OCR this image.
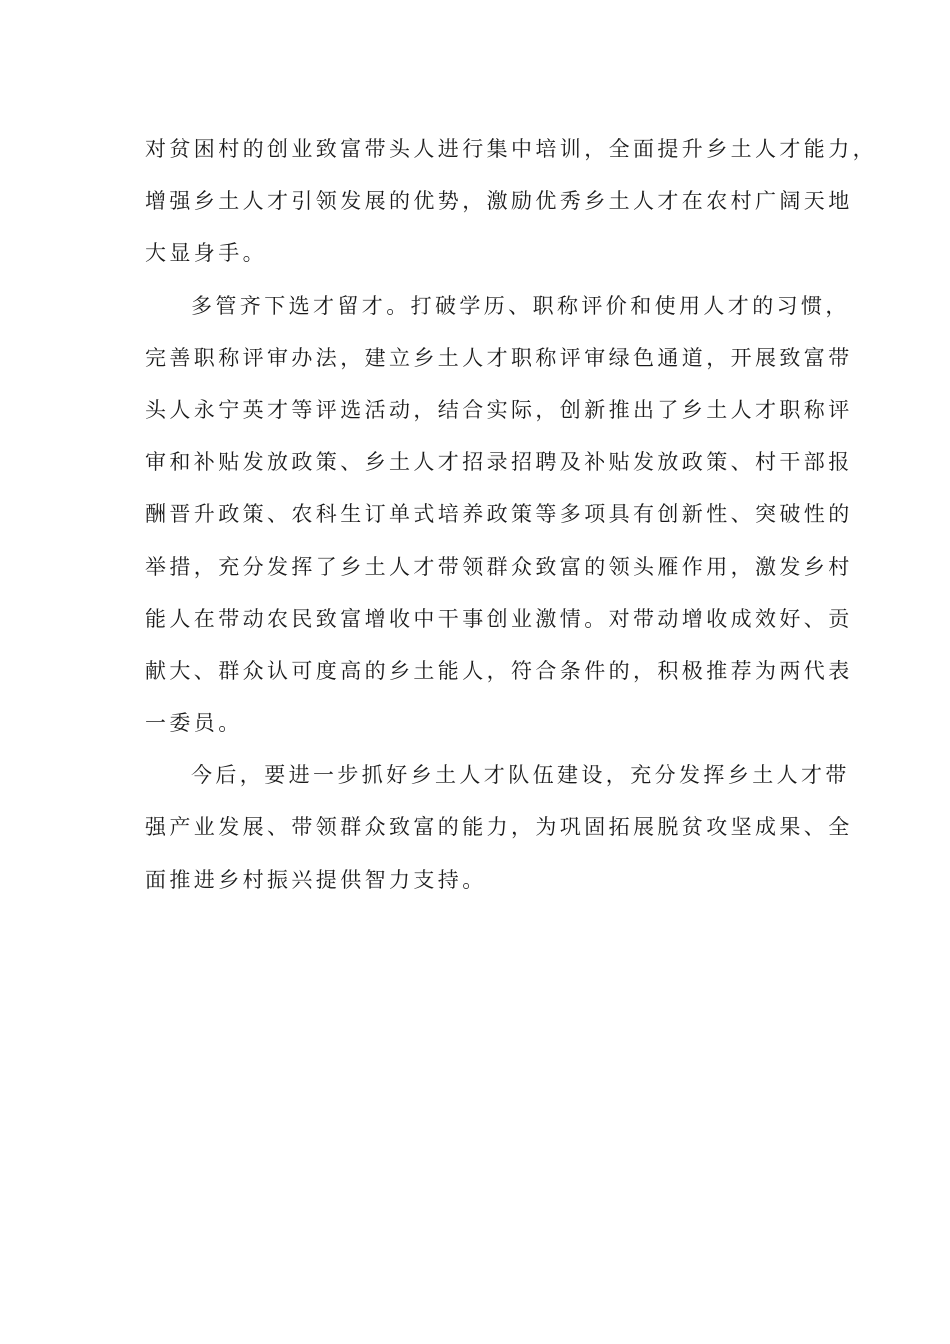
对贫困村的创业致富带头人进行集中培训，全面提升乡土人才能力，
增强乡土人才引领发展的优势，激励优秀乡土人才在农村广阔天地
大显身手。
多管齐下选才留才。打破学历、职称评价和使用人才的习惯，
完善职称评审办法，建立乡土人才职称评审绿色通道，开展致富带
头人永宁英才等评选活动，结合实际，创新推出了乡土人才职称评
审和补贴发放政策、乡土人才招录招聘及补贴发放政策、村干部报
酬晋升政策、农科生订单式培养政策等多项具有创新性、突破性的
举措，充分发挥了乡土人才带领群众致富的领头雁作用，激发乡村
能人在带动农民致富增收中干事创业激情。对带动增收成效好、贡
献大、群众认可度高的乡土能人，符合条件的，积极推荐为两代表
一委员。
今后，要进一步抓好乡土人才队伍建设，充分发挥乡土人才带
强产业发展、带领群众致富的能力，为巩固拓展脱贫攻坚成果、全
面推进乡村振兴提供智力支持。
